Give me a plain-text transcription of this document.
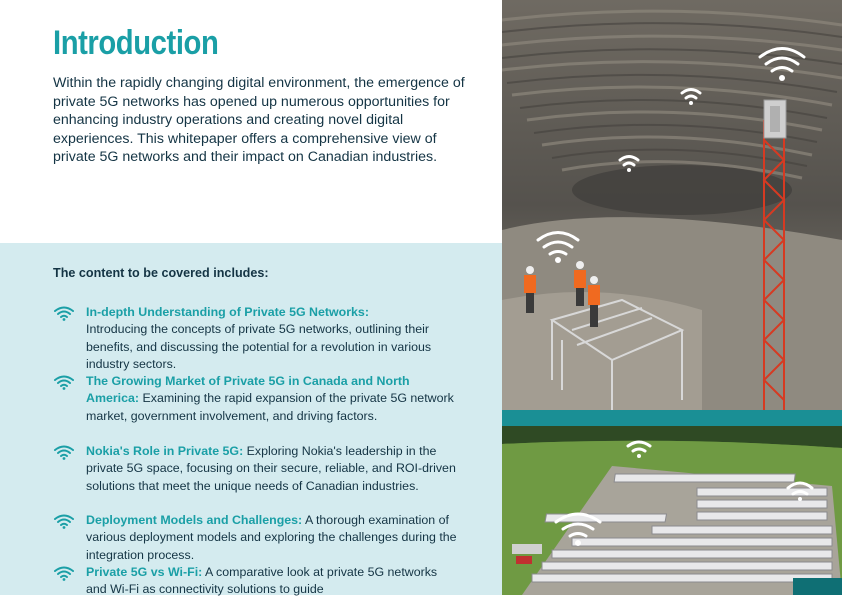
Introduction

Within the rapidly changing digital environment, the emergence of private 5G networks has opened up numerous opportunities for enhancing industry operations and creating novel digital experiences. This whitepaper offers a comprehensive view of private 5G networks and their impact on Canadian industries.

The content to be covered includes:

In-depth Understanding of Private 5G Networks:
Introducing the concepts of private 5G networks, outlining their benefits, and discussing the potential for a revolution in various industry sectors.
The Growing Market of Private 5G in Canada and North America: Examining the rapid expansion of the private 5G network market, government involvement, and driving factors.
Nokia's Role in Private 5G: Exploring Nokia's leadership in the private 5G space, focusing on their secure, reliable, and ROI-driven solutions that meet the unique needs of Canadian industries.
Deployment Models and Challenges: A thorough examination of various deployment models and exploring the challenges during the integration process.
Private 5G vs Wi-Fi: A comparative look at private 5G networks and Wi-Fi as connectivity solutions to guide
